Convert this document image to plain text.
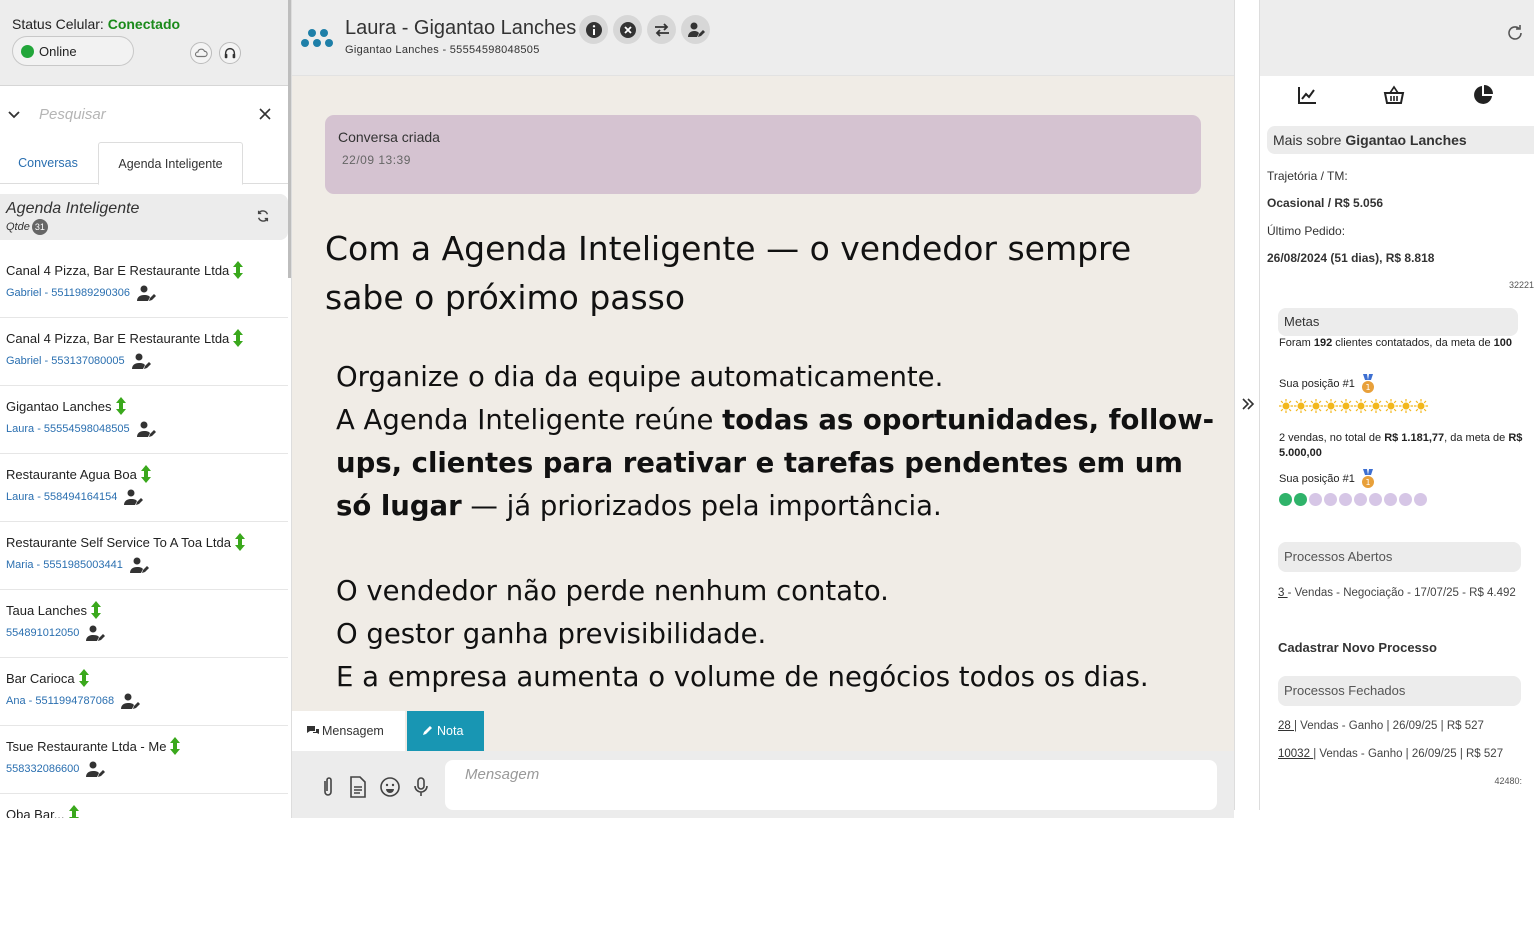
Status Celular: Conectado
Online
Pesquisar
Conversas	Agenda Inteligente
Agenda Inteligente
Qtde 31
Canal 4 Pizza, Bar E Restaurante Ltda
Gabriel - 5511989290306
Canal 4 Pizza, Bar E Restaurante Ltda
Gabriel - 553137080005
Gigantao Lanches
Laura - 55554598048505
Restaurante Agua Boa
Laura - 558494164154
Restaurante Self Service To A Toa Ltda
Maria - 5551985003441
Taua Lanches
554891012050
Bar Carioca
Ana - 5511994787068
Tsue Restaurante Ltda - Me
558332086600
Oba Bar...
Laura - Gigantao Lanches
Gigantao Lanches - 55554598048505
Conversa criada
22/09 13:39
Com a Agenda Inteligente — o vendedor sempre sabe o próximo passo
Organize o dia da equipe automaticamente.
A Agenda Inteligente reúne todas as oportunidades, follow-ups, clientes para reativar e tarefas pendentes em um só lugar — já priorizados pela importância.
O vendedor não perde nenhum contato.
O gestor ganha previsibilidade.
E a empresa aumenta o volume de negócios todos os dias.
Mensagem	Nota
Mensagem
Mais sobre Gigantao Lanches
Trajetória / TM:
Ocasional / R$ 5.056
Último Pedido:
26/08/2024 (51 dias), R$ 8.818
32221
Metas
Foram 192 clientes contatados, da meta de 100
Sua posição #1 1
2 vendas, no total de R$ 1.181,77, da meta de R$ 5.000,00
Sua posição #1 1
Processos Abertos
3 - Vendas - Negociação - 17/07/25 - R$ 4.492
Cadastrar Novo Processo
Processos Fechados
28 | Vendas - Ganho | 26/09/25 | R$ 527
10032 | Vendas - Ganho | 26/09/25 | R$ 527
42480:
